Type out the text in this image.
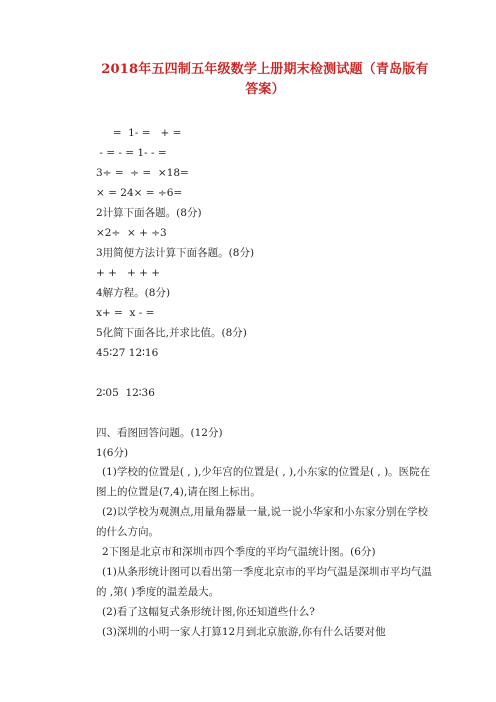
2018年五四制五年级数学上册期末检测试题（青岛版有答案）
=  1- =   + =
- = - = 1- - =
3÷ =  ÷ =  ×18=
× = 24× = ÷6=
2计算下面各题。(8分)
×2÷  × + ÷3
3用简便方法计算下面各题。(8分)
+ +   + + +
4解方程。(8分)
x+ =  x - =
5化简下面各比,并求比值。(8分)
45∶27 12∶16
2∶05  12∶36
四、看图回答问题。(12分)
1(6分)
(1)学校的位置是( , ),少年宫的位置是( , ),小东家的位置是( , )。医院在图上的位置是(7,4),请在图上标出。
(2)以学校为观测点,用量角器量一量,说一说小华家和小东家分别在学校的什么方向。
2下图是北京市和深圳市四个季度的平均气温统计图。(6分)
(1)从条形统计图可以看出第一季度北京市的平均气温是深圳市平均气温的 ,第( )季度的温差最大。
(2)看了这幅复式条形统计图,你还知道些什么?
(3)深圳的小明一家人打算12月到北京旅游,你有什么话要对他
